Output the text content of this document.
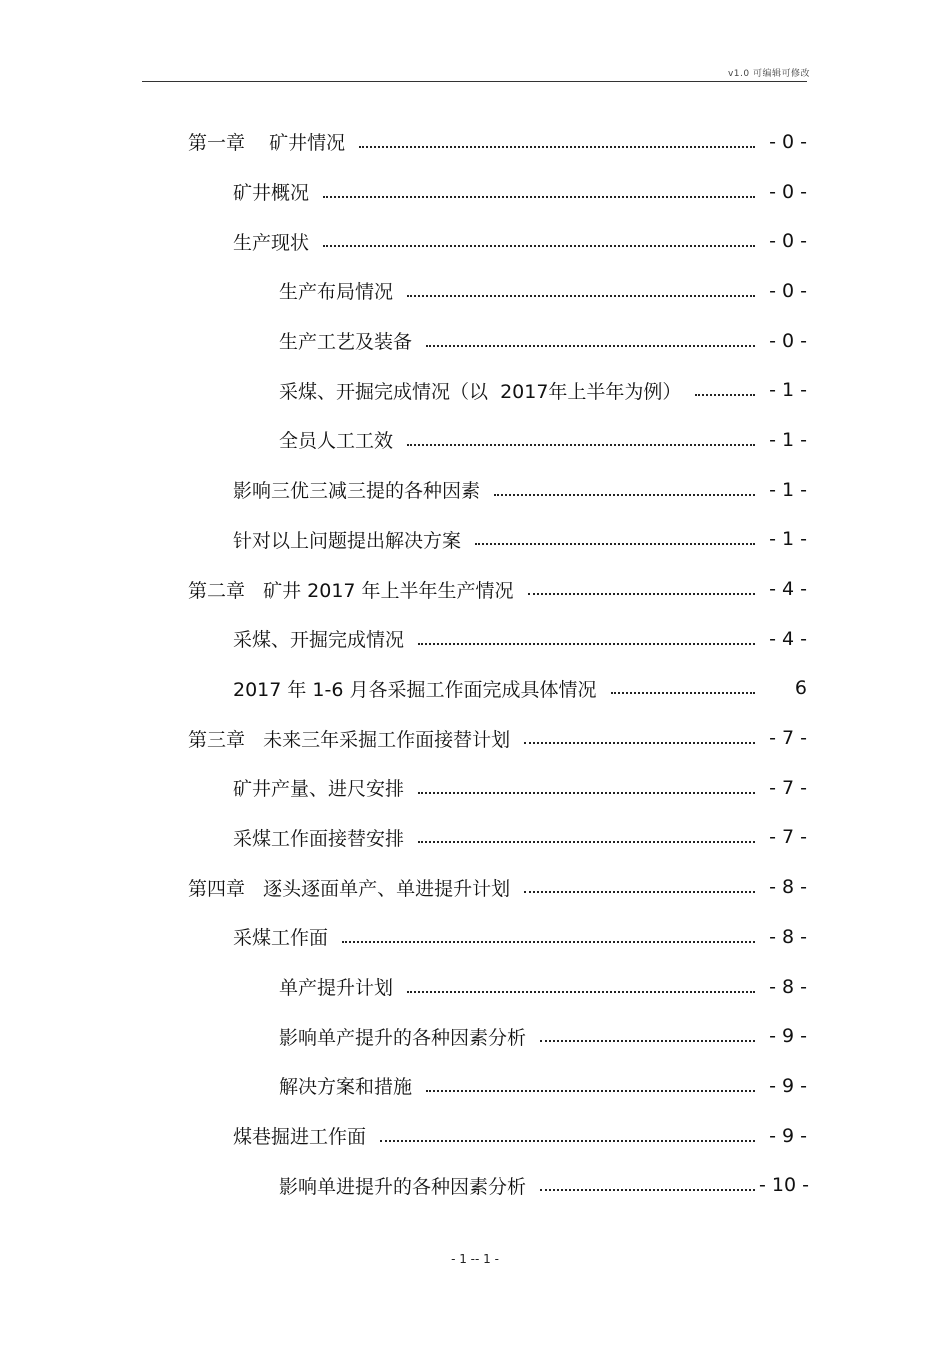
v1.0 可编辑可修改
第一章    矿井情况	- 0 -
矿井概况	- 0 -
生产现状	- 0 -
生产布局情况	- 0 -
生产工艺及装备	- 0 -
采煤、开掘完成情况（以  2017年上半年为例）	- 1 -
全员人工工效	- 1 -
影响三优三减三提的各种因素	- 1 -
针对以上问题提出解决方案	- 1 -
第二章   矿井 2017 年上半年生产情况	- 4 -
采煤、开掘完成情况	- 4 -
2017 年 1-6 月各采掘工作面完成具体情况	6
第三章   未来三年采掘工作面接替计划	- 7 -
矿井产量、进尺安排	- 7 -
采煤工作面接替安排	- 7 -
第四章   逐头逐面单产、单进提升计划	- 8 -
采煤工作面	- 8 -
单产提升计划	- 8 -
影响单产提升的各种因素分析	- 9 -
解决方案和措施	- 9 -
煤巷掘进工作面	- 9 -
影响单进提升的各种因素分析	- 10 -
- 1 -- 1 -
